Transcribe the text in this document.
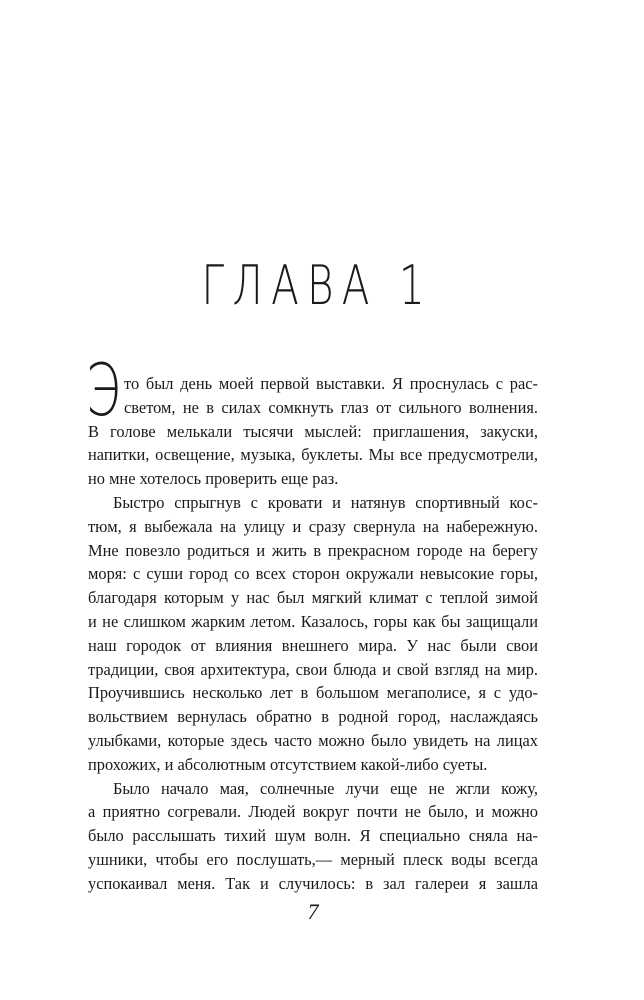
ГЛАВА 1
Э то был день моей первой выставки. Я проснулась с рас-
светом, не в силах сомкнуть глаз от сильного волнения.
В голове мелькали тысячи мыслей: приглашения, закуски,
напитки, освещение, музыка, буклеты. Мы все предусмотрели,
но мне хотелось проверить еще раз.
Быстро спрыгнув с кровати и натянув спортивный кос-
тюм, я выбежала на улицу и сразу свернула на набережную.
Мне повезло родиться и жить в прекрасном городе на берегу
моря: с суши город со всех сторон окружали невысокие горы,
благодаря которым у нас был мягкий климат с теплой зимой
и не слишком жарким летом. Казалось, горы как бы защищали
наш городок от влияния внешнего мира. У нас были свои
традиции, своя архитектура, свои блюда и свой взгляд на мир.
Проучившись несколько лет в большом мегаполисе, я с удо-
вольствием вернулась обратно в родной город, наслаждаясь
улыбками, которые здесь часто можно было увидеть на лицах
прохожих, и абсолютным отсутствием какой-либо суеты.
Было начало мая, солнечные лучи еще не жгли кожу,
а приятно согревали. Людей вокруг почти не было, и можно
было расслышать тихий шум волн. Я специально сняла на-
ушники, чтобы его послушать,— мерный плеск воды всегда
успокаивал меня. Так и случилось: в зал галереи я зашла
7
